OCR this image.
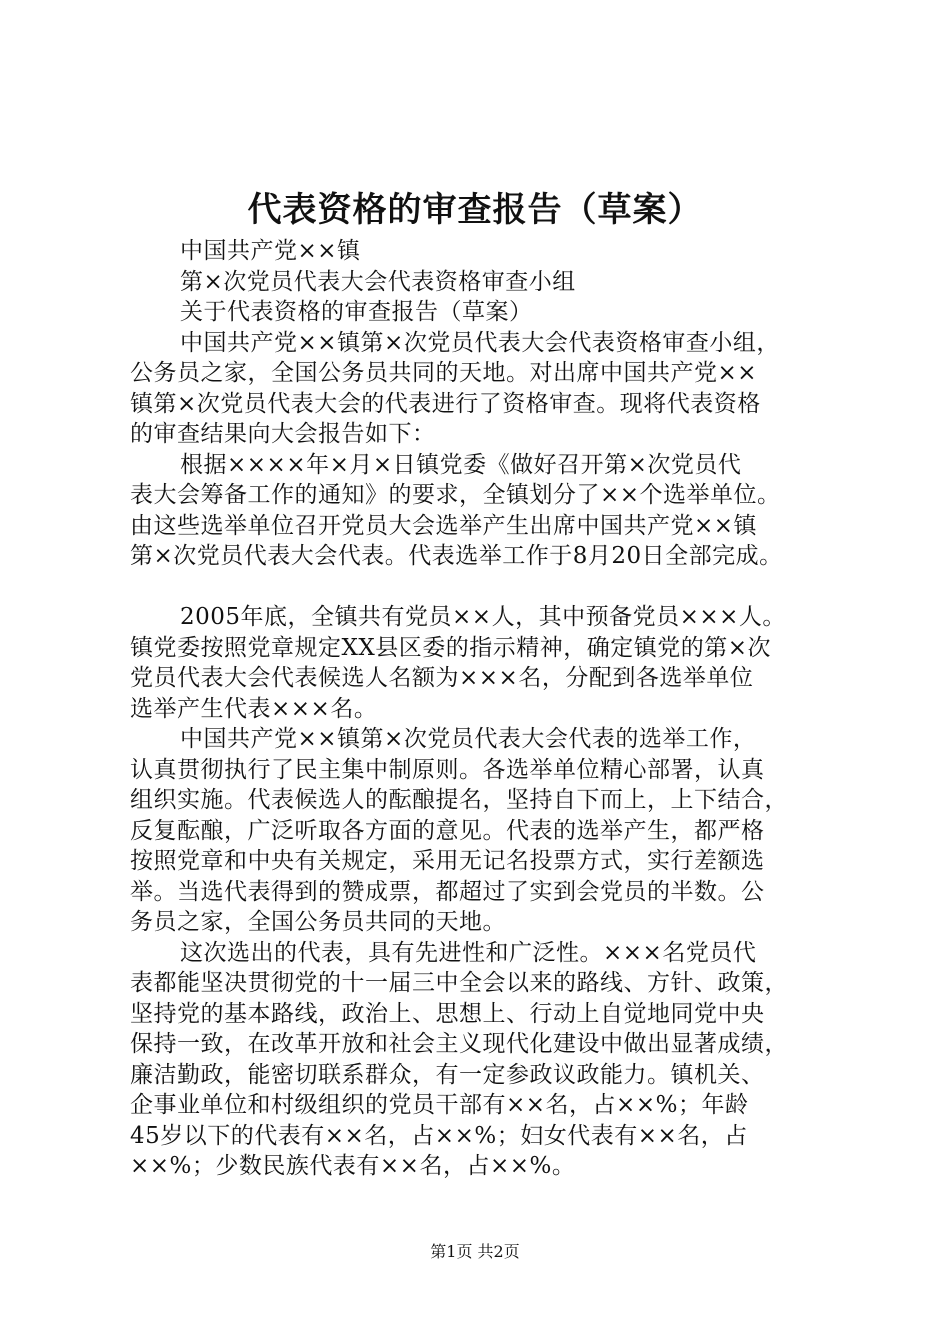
代表资格的审查报告（草案）
中国共产党××镇
第×次党员代表大会代表资格审查小组
关于代表资格的审查报告（草案）
中国共产党××镇第×次党员代表大会代表资格审查小组，
公务员之家，全国公务员共同的天地。对出席中国共产党××
镇第×次党员代表大会的代表进行了资格审查。现将代表资格
的审查结果向大会报告如下：
根据××××年×月×日镇党委《做好召开第×次党员代
表大会筹备工作的通知》的要求，全镇划分了××个选举单位。
由这些选举单位召开党员大会选举产生出席中国共产党××镇
第×次党员代表大会代表。代表选举工作于8月20日全部完成。
2005年底，全镇共有党员××人，其中预备党员×××人。
镇党委按照党章规定XX县区委的指示精神，确定镇党的第×次
党员代表大会代表候选人名额为×××名，分配到各选举单位
选举产生代表×××名。
中国共产党××镇第×次党员代表大会代表的选举工作，
认真贯彻执行了民主集中制原则。各选举单位精心部署，认真
组织实施。代表候选人的酝酿提名，坚持自下而上，上下结合，
反复酝酿，广泛听取各方面的意见。代表的选举产生，都严格
按照党章和中央有关规定，采用无记名投票方式，实行差额选
举。当选代表得到的赞成票，都超过了实到会党员的半数。公
务员之家，全国公务员共同的天地。
这次选出的代表，具有先进性和广泛性。×××名党员代
表都能坚决贯彻党的十一届三中全会以来的路线、方针、政策，
坚持党的基本路线，政治上、思想上、行动上自觉地同党中央
保持一致，在改革开放和社会主义现代化建设中做出显著成绩，
廉洁勤政，能密切联系群众，有一定参政议政能力。镇机关、
企事业单位和村级组织的党员干部有××名，占××%；年龄
45岁以下的代表有××名，占××%；妇女代表有××名，占
××%；少数民族代表有××名，占××%。
第1页 共2页
